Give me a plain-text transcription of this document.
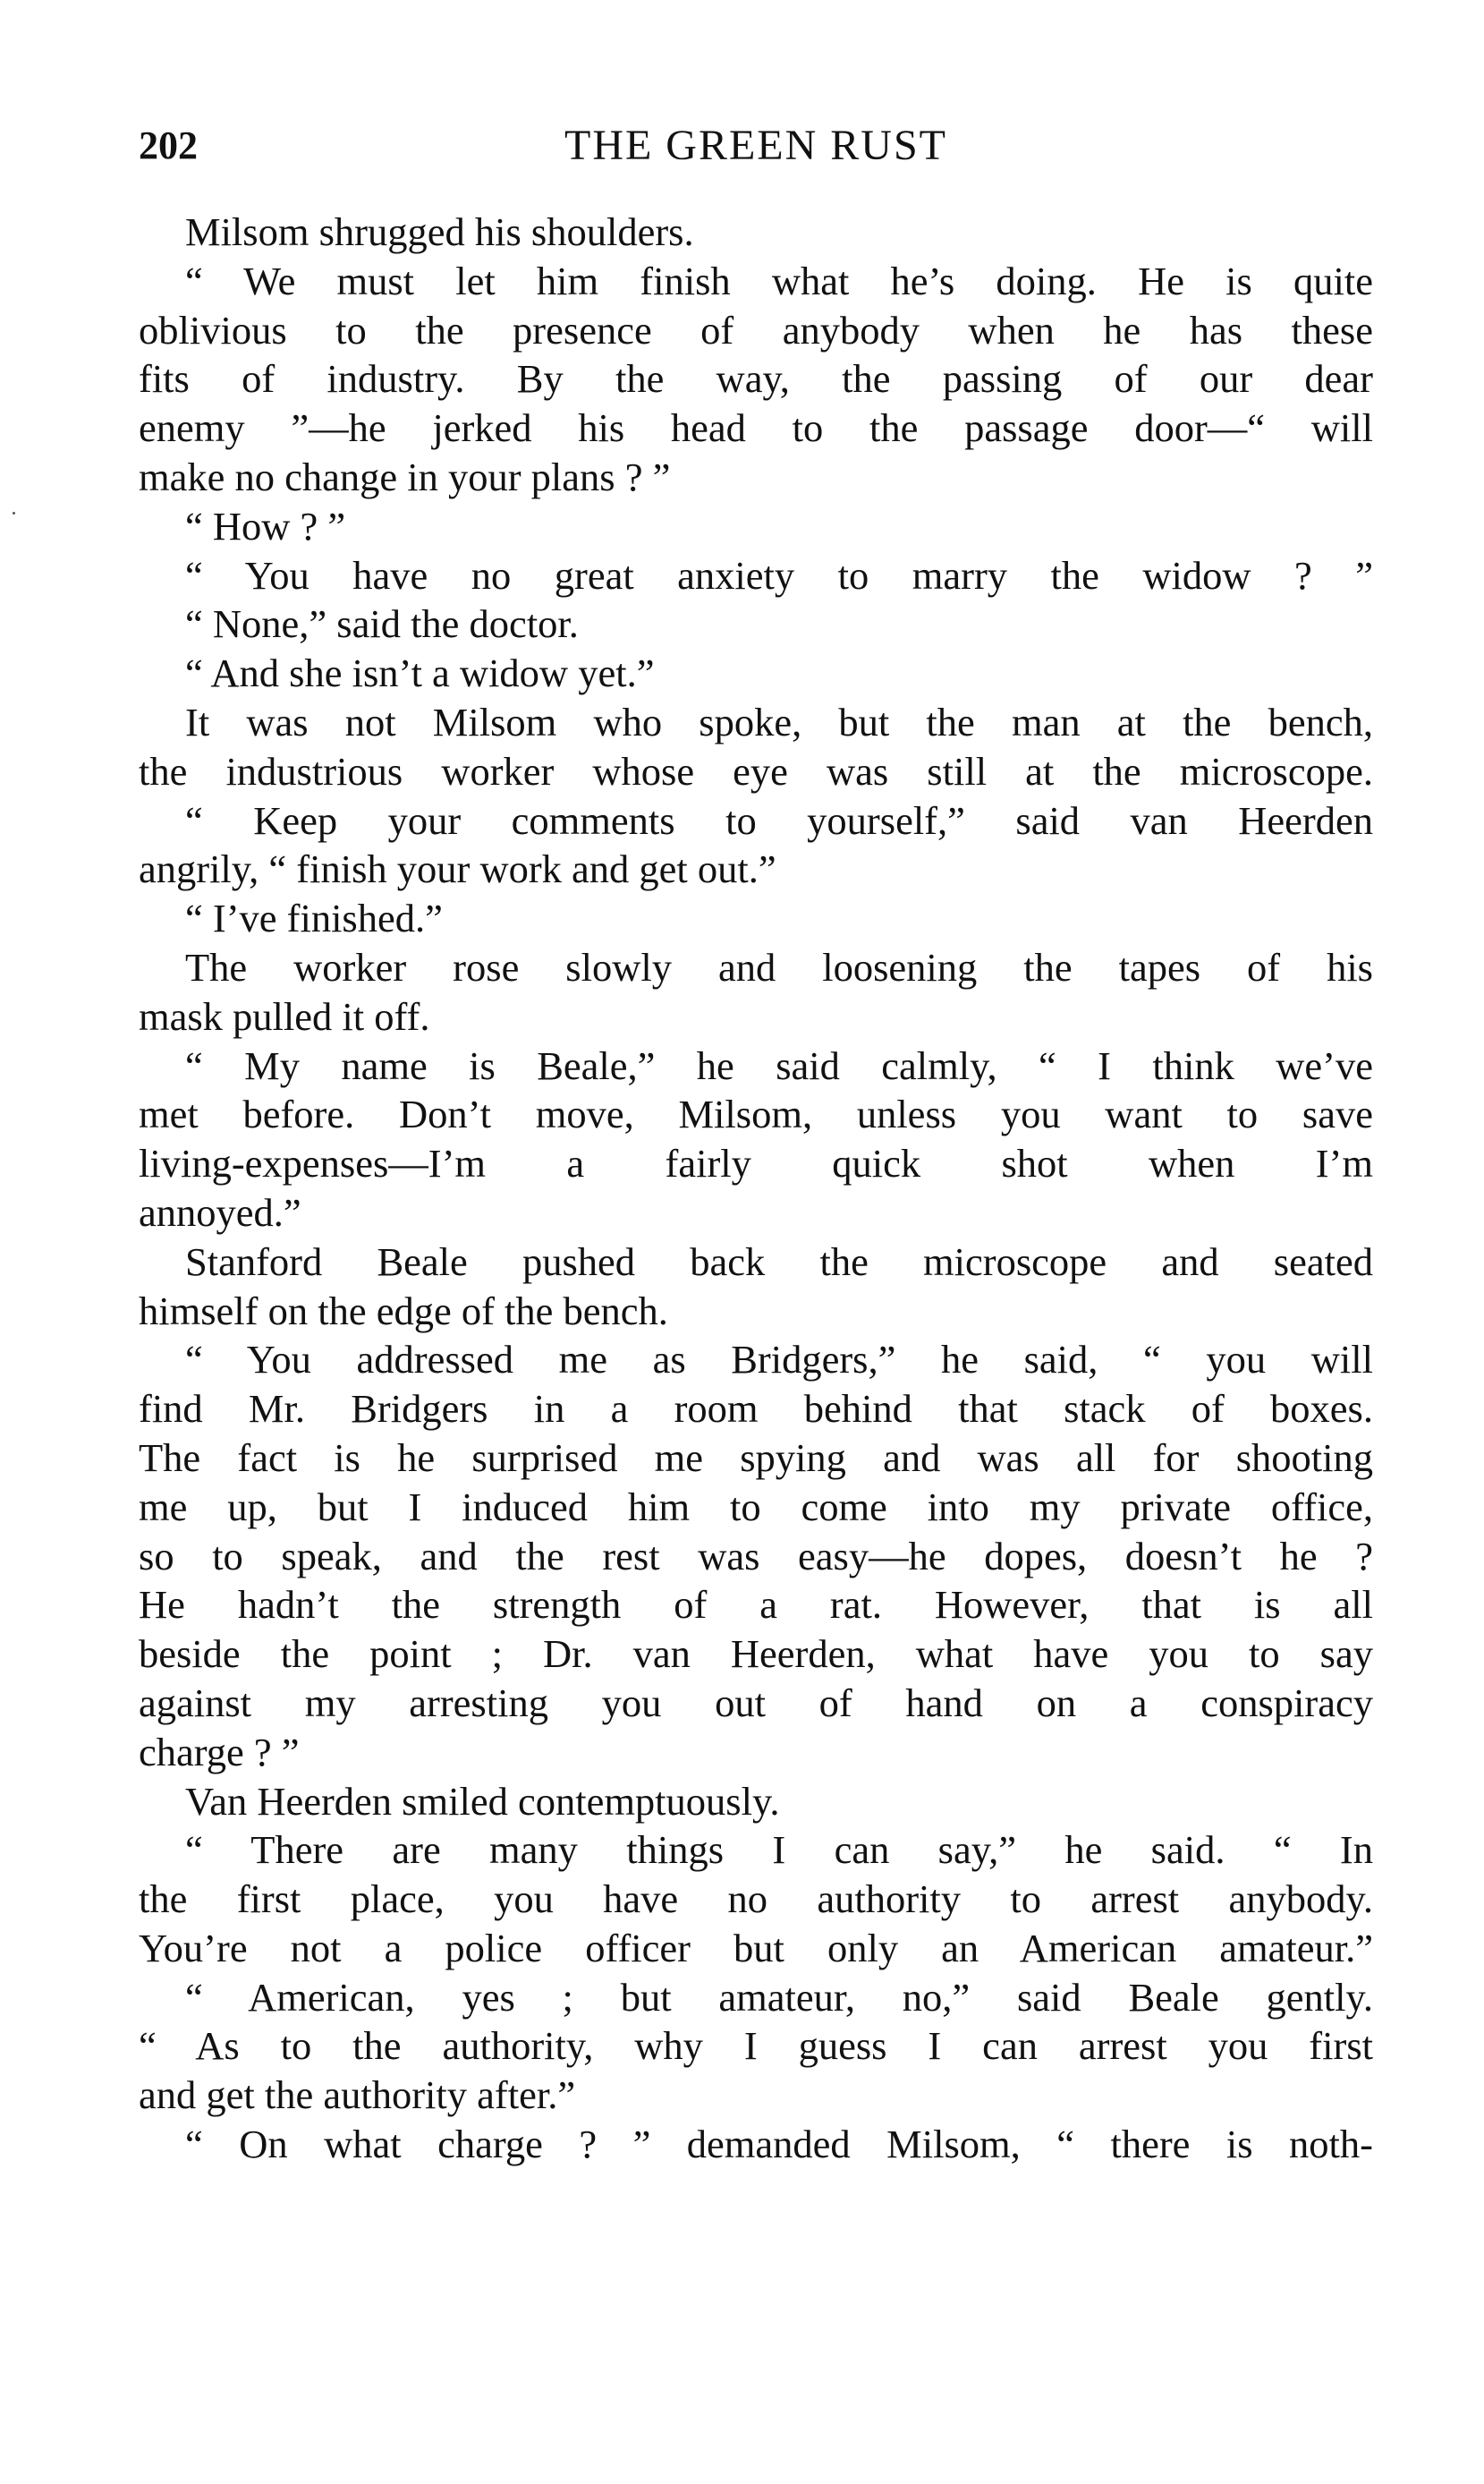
202	THE GREEN RUST
Milsom shrugged his shoulders.
“ We must let him finish what he’s doing. He is quite
oblivious to the presence of anybody when he has these
fits of industry. By the way, the passing of our dear
enemy ”—he jerked his head to the passage door—“ will
make no change in your plans ? ”
“ How ? ”
“ You have no great anxiety to marry the widow ? ”
“ None,” said the doctor.
“ And she isn’t a widow yet.”
It was not Milsom who spoke, but the man at the bench,
the industrious worker whose eye was still at the microscope.
“ Keep your comments to yourself,” said van Heerden
angrily, “ finish your work and get out.”
“ I’ve finished.”
The worker rose slowly and loosening the tapes of his
mask pulled it off.
“ My name is Beale,” he said calmly, “ I think we’ve
met before. Don’t move, Milsom, unless you want to save
living-expenses—I’m a fairly quick shot when I’m
annoyed.”
Stanford Beale pushed back the microscope and seated
himself on the edge of the bench.
“ You addressed me as Bridgers,” he said, “ you will
find Mr. Bridgers in a room behind that stack of boxes.
The fact is he surprised me spying and was all for shooting
me up, but I induced him to come into my private office,
so to speak, and the rest was easy—he dopes, doesn’t he ?
He hadn’t the strength of a rat. However, that is all
beside the point ; Dr. van Heerden, what have you to say
against my arresting you out of hand on a conspiracy
charge ? ”
Van Heerden smiled contemptuously.
“ There are many things I can say,” he said. “ In
the first place, you have no authority to arrest anybody.
You’re not a police officer but only an American amateur.”
“ American, yes ; but amateur, no,” said Beale gently.
“ As to the authority, why I guess I can arrest you first
and get the authority after.”
“ On what charge ? ” demanded Milsom, “ there is noth-
